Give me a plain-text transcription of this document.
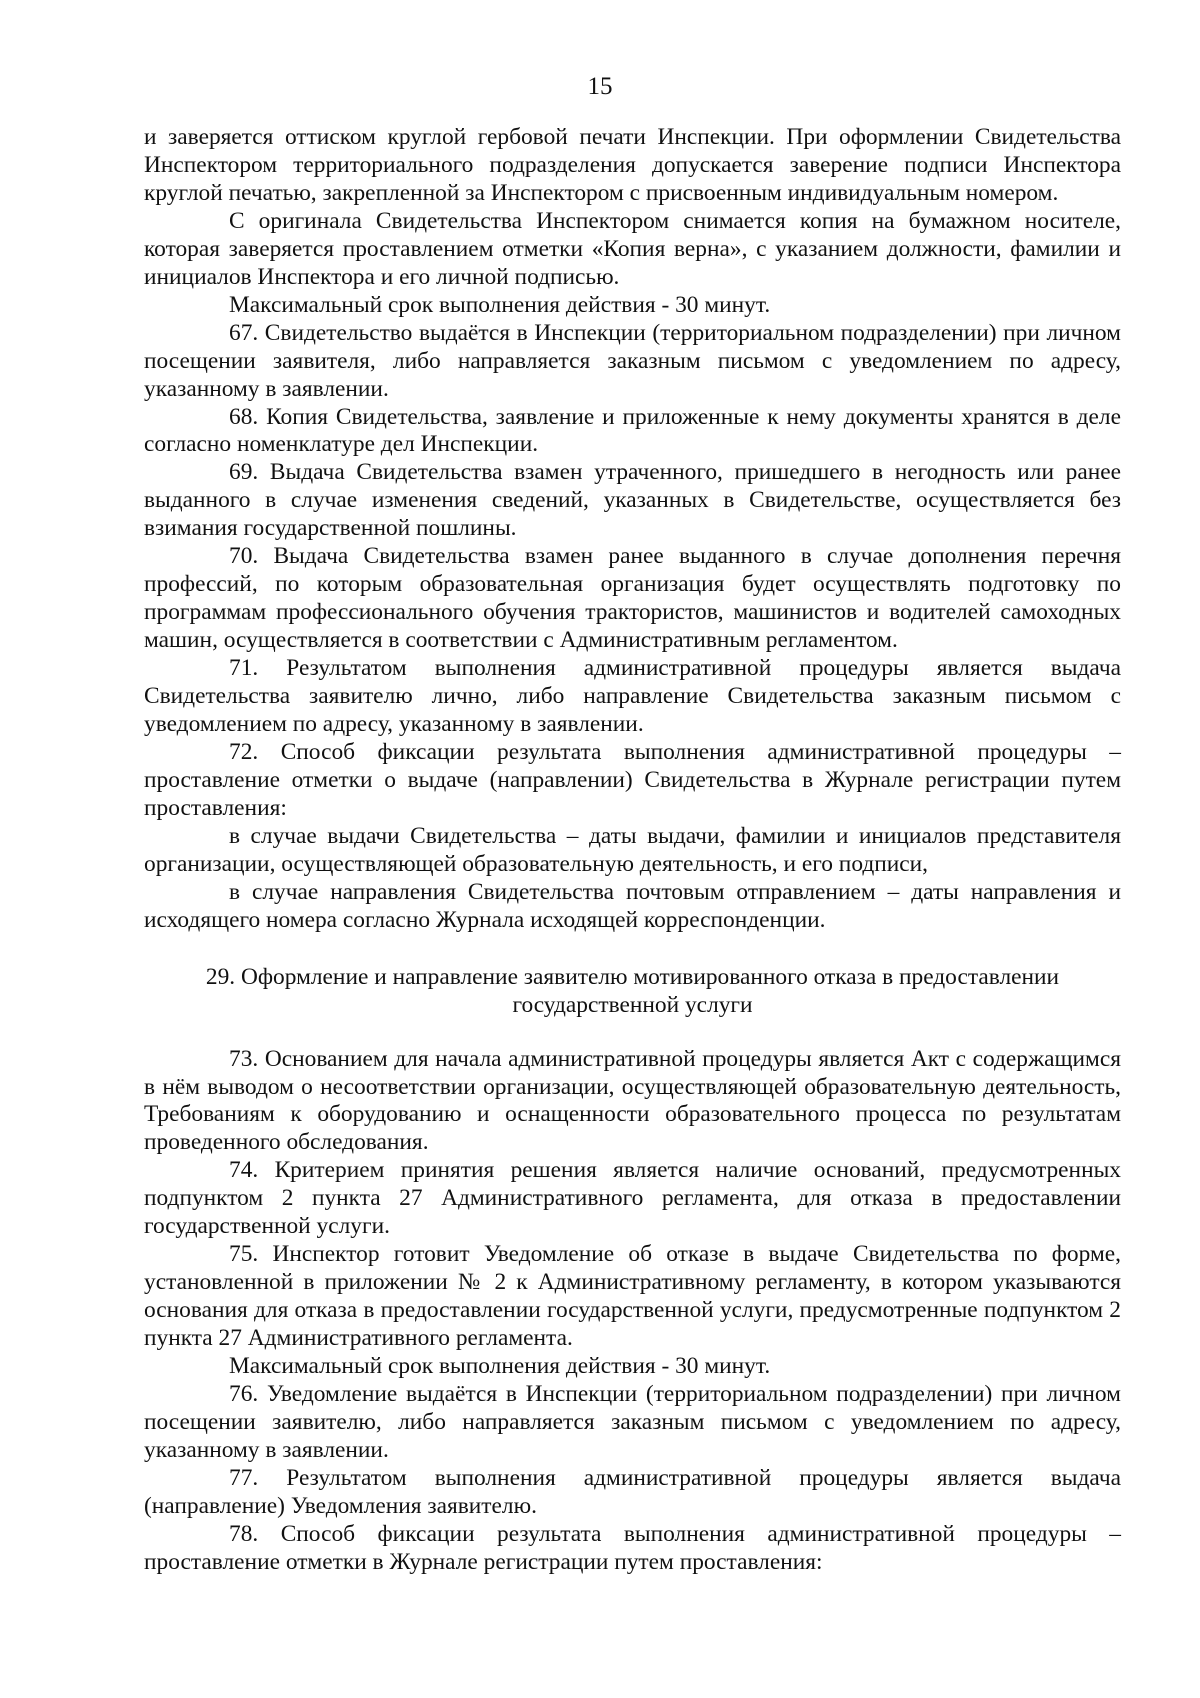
15

и заверяется оттиском круглой гербовой печати Инспекции. При оформлении Свидетельства Инспектором территориального подразделения допускается заверение подписи Инспектора круглой печатью, закрепленной за Инспектором с присвоенным индивидуальным номером.

С оригинала Свидетельства Инспектором снимается копия на бумажном носителе, которая заверяется проставлением отметки «Копия верна», с указанием должности, фамилии и инициалов Инспектора и его личной подписью.

Максимальный срок выполнения действия - 30 минут.

67. Свидетельство выдаётся в Инспекции (территориальном подразделении) при личном посещении заявителя, либо направляется заказным письмом с уведомлением по адресу, указанному в заявлении.

68. Копия Свидетельства, заявление и приложенные к нему документы хранятся в деле согласно номенклатуре дел Инспекции.

69. Выдача Свидетельства взамен утраченного, пришедшего в негодность или ранее выданного в случае изменения сведений, указанных в Свидетельстве, осуществляется без взимания государственной пошлины.

70. Выдача Свидетельства взамен ранее выданного в случае дополнения перечня профессий, по которым образовательная организация будет осуществлять подготовку по программам профессионального обучения трактористов, машинистов и водителей самоходных машин, осуществляется в соответствии с Административным регламентом.

71. Результатом выполнения административной процедуры является выдача Свидетельства заявителю лично, либо направление Свидетельства заказным письмом с уведомлением по адресу, указанному в заявлении.

72. Способ фиксации результата выполнения административной процедуры – проставление отметки о выдаче (направлении) Свидетельства в Журнале регистрации путем проставления:

в случае выдачи Свидетельства – даты выдачи, фамилии и инициалов представителя организации, осуществляющей образовательную деятельность, и его подписи,

в случае направления Свидетельства почтовым отправлением – даты направления и исходящего номера согласно Журнала исходящей корреспонденции.

29. Оформление и направление заявителю мотивированного отказа в предоставлении государственной услуги

73. Основанием для начала административной процедуры является Акт с содержащимся в нём выводом о несоответствии организации, осуществляющей образовательную деятельность, Требованиям к оборудованию и оснащенности образовательного процесса по результатам проведенного обследования.

74. Критерием принятия решения является наличие оснований, предусмотренных подпунктом 2 пункта 27 Административного регламента, для отказа в предоставлении государственной услуги.

75. Инспектор готовит Уведомление об отказе в выдаче Свидетельства по форме, установленной в приложении № 2 к Административному регламенту, в котором указываются основания для отказа в предоставлении государственной услуги, предусмотренные подпунктом 2 пункта 27 Административного регламента.

Максимальный срок выполнения действия - 30 минут.

76. Уведомление выдаётся в Инспекции (территориальном подразделении) при личном посещении заявителю, либо направляется заказным письмом с уведомлением по адресу, указанному в заявлении.

77. Результатом выполнения административной процедуры является выдача (направление) Уведомления заявителю.

78. Способ фиксации результата выполнения административной процедуры – проставление отметки в Журнале регистрации путем проставления:
